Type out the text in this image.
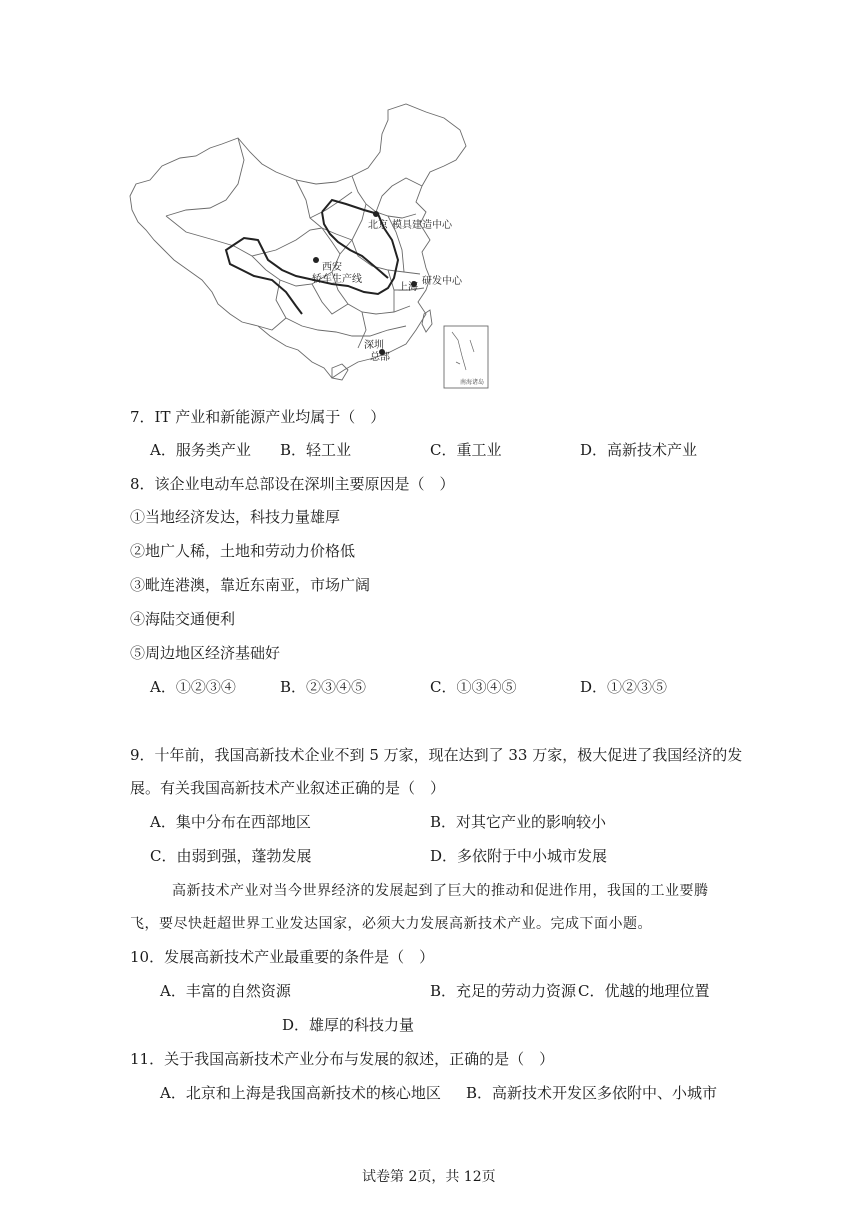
北京 模具建造中心
西安
轿车生产线
上海
研发中心
深圳
总部
南海诸岛
7．IT 产业和新能源产业均属于（　）
A．服务类产业 B．轻工业	C．重工业	D．高新技术产业
8．该企业电动车总部设在深圳主要原因是（　）
①当地经济发达，科技力量雄厚
②地广人稀，土地和劳动力价格低
③毗连港澳，靠近东南亚，市场广阔
④海陆交通便利
⑤周边地区经济基础好
A．①②③④	B．②③④⑤	C．①③④⑤	D．①②③⑤
9．十年前，我国高新技术企业不到 5 万家，现在达到了 33 万家，极大促进了我国经济的发
展。有关我国高新技术产业叙述正确的是（　）
A．集中分布在西部地区	B．对其它产业的影响较小
C．由弱到强，蓬勃发展	D．多依附于中小城市发展
高新技术产业对当今世界经济的发展起到了巨大的推动和促进作用，我国的工业要腾
飞，要尽快赶超世界工业发达国家，必须大力发展高新技术产业。完成下面小题。
10．发展高新技术产业最重要的条件是（　）
A．丰富的自然资源	B．充足的劳动力资源 C．优越的地理位置
D．雄厚的科技力量
11．关于我国高新技术产业分布与发展的叙述，正确的是（　）
A．北京和上海是我国高新技术的核心地区 B．高新技术开发区多依附中、小城市
试卷第 2页，共 12页
